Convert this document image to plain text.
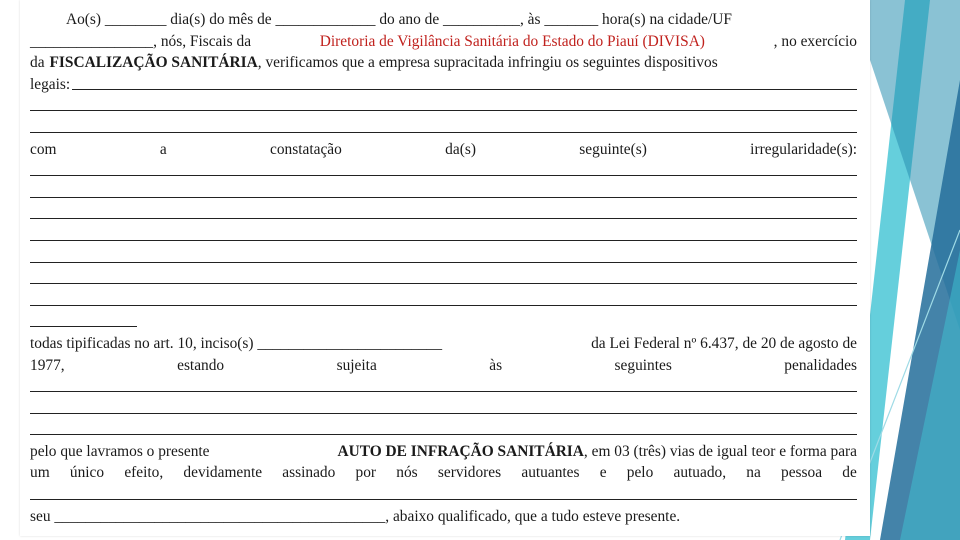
Ao(s) ________ dia(s) do mês de _____________ do ano de __________, às _______ hora(s) na cidade/UF
________________, nós, Fiscais da	Diretoria de Vigilância Sanitária do Estado do Piauí (DIVISA)	, no exercício
da FISCALIZAÇÃO SANITÁRIA, verificamos que a empresa supracitada infringiu os seguintes dispositivos
legais:
com	a	constatação	da(s)	seguinte(s)	irregularidade(s):
todas tipificadas no art. 10, inciso(s) ________________________	da Lei Federal nº 6.437, de 20 de agosto de
1977,	estando	sujeita	às	seguintes	penalidades
pelo que lavramos o presente	AUTO DE INFRAÇÃO SANITÁRIA, em 03 (três) vias de igual teor e forma para
um único efeito, devidamente assinado por nós servidores autuantes e pelo autuado, na pessoa de
seu ___________________________________________ , abaixo qualificado, que a tudo esteve presente.
